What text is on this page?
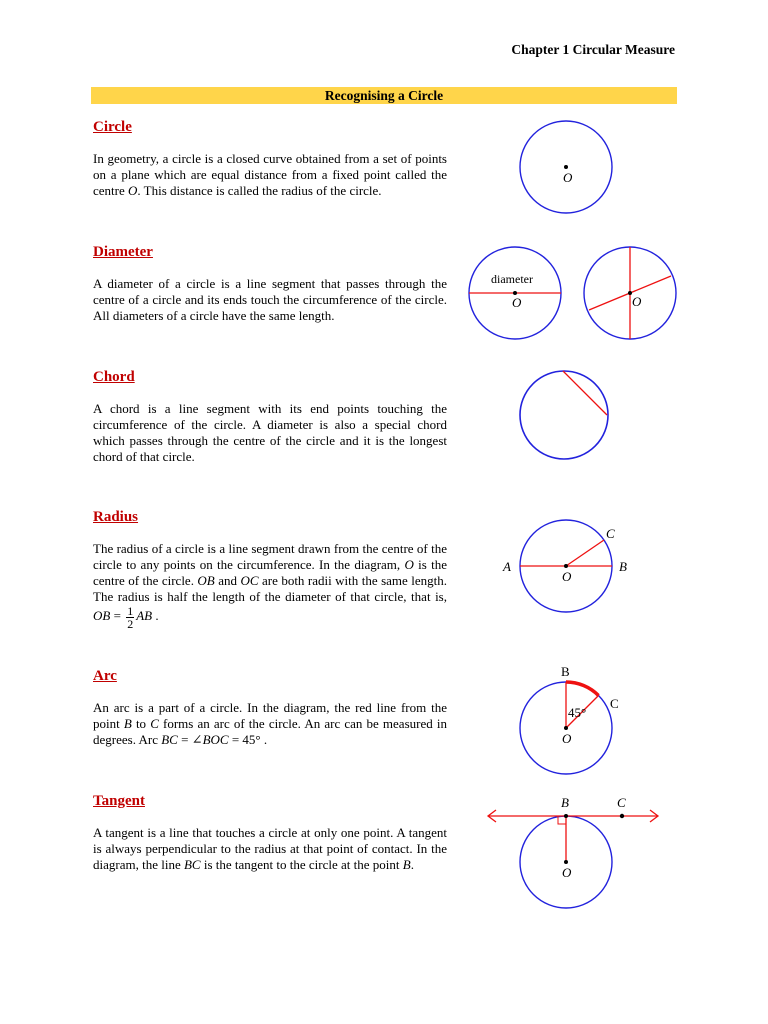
Chapter 1 Circular Measure
Recognising a Circle
Circle
In geometry, a circle is a closed curve obtained from a set of points on a plane which are equal distance from a fixed point called the centre O. This distance is called the radius of the circle.
O
Diameter
A diameter of a circle is a line segment that passes through the centre of a circle and its ends touch the circumference of the circle. All diameters of a circle have the same length.
diameter
O	O
Chord
A chord is a line segment with its end points touching the circumference of the circle. A diameter is also a special chord which passes through the centre of the circle and it is the longest chord of that circle.
Radius
The radius of a circle is a line segment drawn from the centre of the circle to any points on the circumference. In the diagram, O is the centre of the circle. OB and OC are both radii with the same length. The radius is half the length of the diameter of that circle, that is, OB = $\frac{1}{2}$ AB .
A	B
C
O
Arc
An arc is a part of a circle. In the diagram, the red line from the point B to C forms an arc of the circle. An arc can be measured in degrees. Arc BC = ∠BOC = 45° .
B
C
45°
O
Tangent
A tangent is a line that touches a circle at only one point. A tangent is always perpendicular to the radius at that point of contact. In the diagram, the line BC is the tangent to the circle at the point B.
B	C
O
